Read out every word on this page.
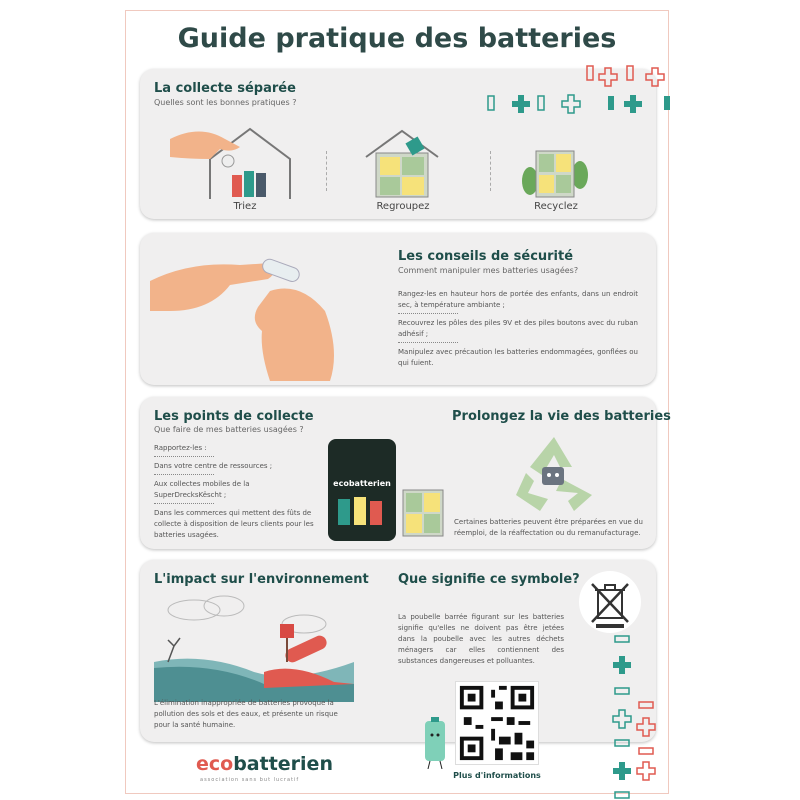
Guide pratique des batteries
La collecte séparée
Quelles sont les bonnes pratiques ?
Triez	Regroupez	Recyclez
Les conseils de sécurité
Comment manipuler mes batteries usagées?
Rangez-les en hauteur hors de portée des enfants, dans un endroit sec, à température ambiante ;
Recouvrez les pôles des piles 9V et des piles boutons avec du ruban adhésif ;
Manipulez avec précaution les batteries endommagées, gonflées ou qui fuient.
Les points de collecte
Que faire de mes batteries usagées ?
Rapportez-les :
Dans votre centre de ressources ;
Aux collectes mobiles de la SuperDrecksKëscht ;
Dans les commerces qui mettent des fûts de collecte à disposition de leurs clients pour les batteries usagées.
ecobatterien
Prolongez la vie des batteries
Certaines batteries peuvent être préparées en vue du réemploi, de la réaffectation ou du remanufacturage.
L'impact sur l'environnement
L'élimination inappropriée de batteries provoque la pollution des sols et des eaux, et présente un risque pour la santé humaine.
Que signifie ce symbole?
La poubelle barrée figurant sur les batteries signifie qu'elles ne doivent pas être jetées dans la poubelle avec les autres déchets ménagers car elles contiennent des substances dangereuses et polluantes.
Plus d'informations
ecobatterien
association sans but lucratif
